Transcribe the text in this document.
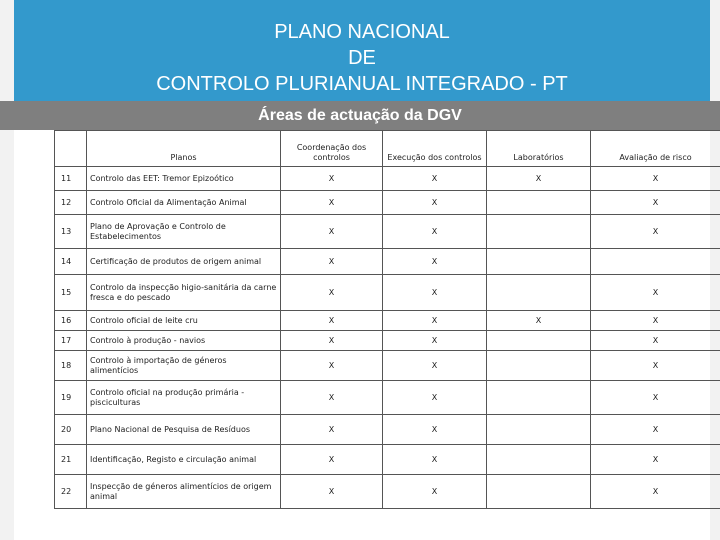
PLANO NACIONAL
DE
CONTROLO PLURIANUAL INTEGRADO - PT
Áreas de actuação da DGV
	Planos	Coordenação dos controlos	Execução dos controlos	Laboratórios	Avaliação de risco
11	Controlo das EET: Tremor Epizoótico	X	X	X	X
12	Controlo Oficial da Alimentação Animal	X	X		X
13	Plano de Aprovação e Controlo de Estabelecimentos	X	X		X
14	Certificação de produtos de origem animal	X	X		
15	Controlo da inspecção higio-sanitária da carne fresca e do pescado	X	X		X
16	Controlo oficial de leite cru	X	X	X	X
17	Controlo à produção - navios	X	X		X
18	Controlo à importação de géneros alimentícios	X	X		X
19	Controlo oficial na produção primária - pisciculturas	X	X		X
20	Plano Nacional de Pesquisa de Resíduos	X	X		X
21	Identificação, Registo e circulação animal	X	X		X
22	Inspecção de géneros alimentícios de origem animal	X	X		X
